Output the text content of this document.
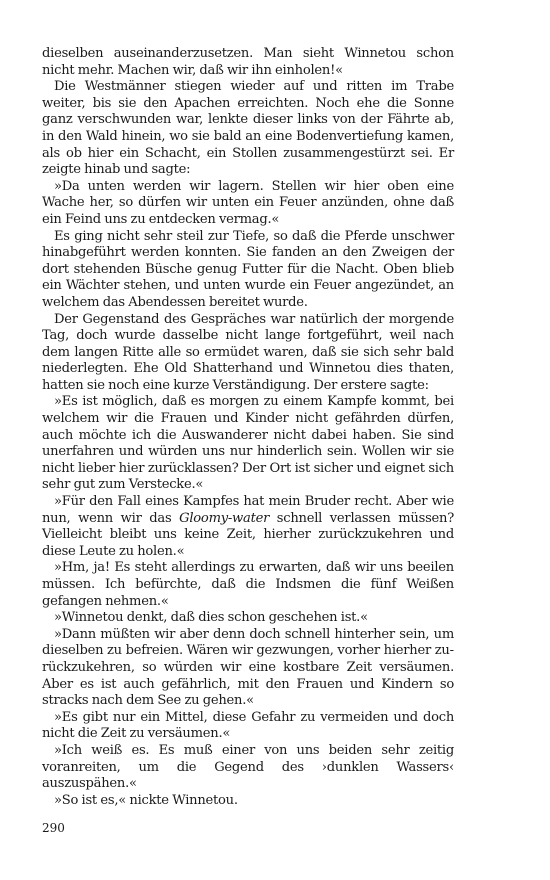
dieselben auseinanderzusetzen. Man sieht Winnetou schon nicht mehr. Machen wir, daß wir ihn einholen!«

Die Westmänner stiegen wieder auf und ritten im Trabe weiter, bis sie den Apachen erreichten. Noch ehe die Sonne ganz verschwunden war, lenkte dieser links von der Fährte ab, in den Wald hinein, wo sie bald an eine Bodenvertiefung kamen, als ob hier ein Schacht, ein Stollen zusammengestürzt sei. Er zeigte hinab und sagte:

»Da unten werden wir lagern. Stellen wir hier oben eine Wache her, so dürfen wir unten ein Feuer anzünden, ohne daß ein Feind uns zu entdecken vermag.«

Es ging nicht sehr steil zur Tiefe, so daß die Pferde unschwer hinabgeführt werden konnten. Sie fanden an den Zweigen der dort stehenden Büsche genug Futter für die Nacht. Oben blieb ein Wächter stehen, und unten wurde ein Feuer angezündet, an welchem das Abendessen bereitet wurde.

Der Gegenstand des Gespräches war natürlich der morgende Tag, doch wurde dasselbe nicht lange fortgeführt, weil nach dem langen Ritte alle so ermüdet waren, daß sie sich sehr bald niederlegten. Ehe Old Shatterhand und Winnetou dies thaten, hatten sie noch eine kurze Verständigung. Der erstere sagte:

»Es ist möglich, daß es morgen zu einem Kampfe kommt, bei welchem wir die Frauen und Kinder nicht gefährden dürfen, auch möchte ich die Auswanderer nicht dabei haben. Sie sind unerfahren und würden uns nur hinderlich sein. Wollen wir sie nicht lieber hier zurücklassen? Der Ort ist sicher und eignet sich sehr gut zum Verstecke.«

»Für den Fall eines Kampfes hat mein Bruder recht. Aber wie nun, wenn wir das Gloomy-water schnell verlassen müssen? Vielleicht bleibt uns keine Zeit, hierher zurückzukehren und diese Leute zu holen.«

»Hm, ja! Es steht allerdings zu erwarten, daß wir uns beeilen müssen. Ich befürchte, daß die Indsmen die fünf Weißen gefangen nehmen.«

»Winnetou denkt, daß dies schon geschehen ist.«

»Dann müßten wir aber denn doch schnell hinterher sein, um dieselben zu befreien. Wären wir gezwungen, vorher hierher zurückzukehren, so würden wir eine kostbare Zeit versäumen. Aber es ist auch gefährlich, mit den Frauen und Kindern so stracks nach dem See zu gehen.«

»Es gibt nur ein Mittel, diese Gefahr zu vermeiden und doch nicht die Zeit zu versäumen.«

»Ich weiß es. Es muß einer von uns beiden sehr zeitig voranreiten, um die Gegend des ›dunklen Wassers‹ auszuspähen.«

»So ist es,« nickte Winnetou.

290
